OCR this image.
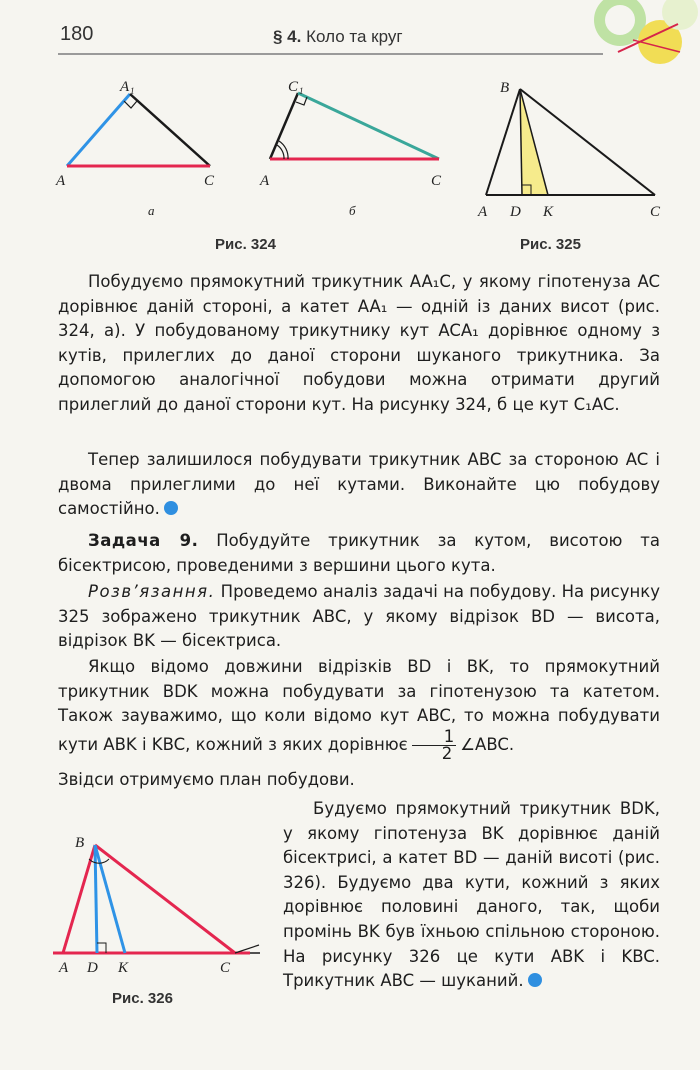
180	§ 4. Коло та круг
A 1
A	C
а
C 1
A	C
б
Рис. 324
B
A D K	C
Рис. 325
Побудуємо прямокутний трикутник AA₁C, у якому гіпотенуза AC дорівнює даній стороні, а катет AA₁ — одній із даних висот (рис. 324, а). У побудованому трикутнику кут ACA₁ дорівнює одному з кутів, прилеглих до даної сторони шуканого трикутника. За допомогою аналогічної побудови можна отримати другий прилеглий до даної сторони кут. На рисунку 324, б це кут C₁AC.
Тепер залишилося побудувати трикутник ABC за стороною AC і двома прилеглими до неї кутами. Виконайте цю побудову самостійно.
Задача 9. Побудуйте трикутник за кутом, висотою та бісектрисою, проведеними з вершини цього кута.
Розв’язання. Проведемо аналіз задачі на побудову. На рисунку 325 зображено трикутник ABC, у якому відрізок BD — висота, відрізок BK — бісектриса.
Якщо відомо довжини відрізків BD і BK, то прямокутний трикутник BDK можна побудувати за гіпотенузою та катетом. Також зауважимо, що коли відомо кут ABC, то можна побудувати кути ABK і KBC, кожний з яких дорівнює $\frac{1}{2}$ ∠ABC.
Звідси отримуємо план побудови.
Будуємо прямокутний трикутник BDK, у якому гіпотенуза BK дорівнює даній бісектрисі, а катет BD — даній висоті (рис. 326). Будуємо два кути, кожний з яких дорівнює половині даного, так, щоби промінь BK був їхньою спільною стороною. На рисунку 326 це кути ABK і KBC. Трикутник ABC — шуканий.
B
A D K	C
Рис. 326
